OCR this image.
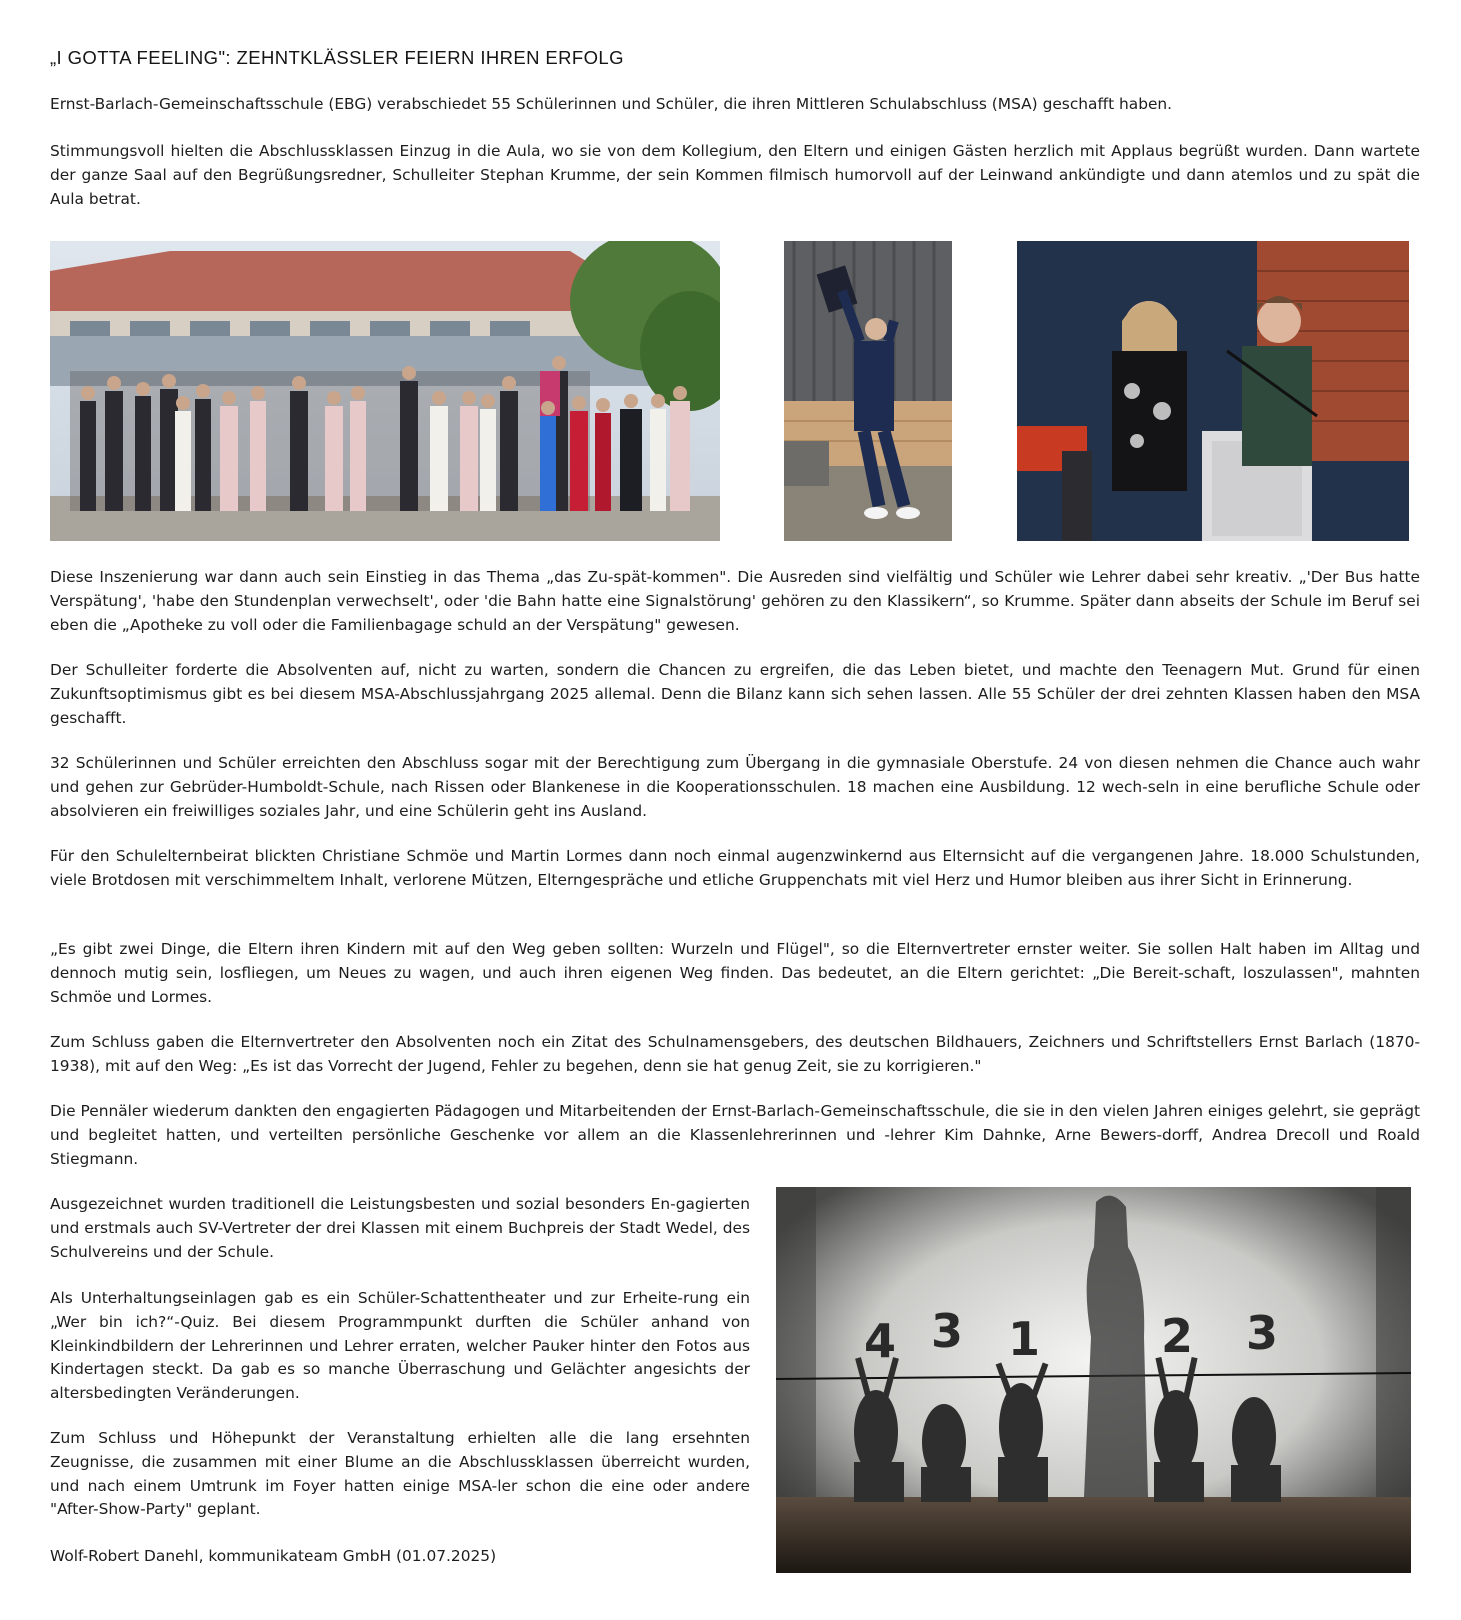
„I GOTTA FEELING": ZEHNTKLÄSSLER FEIERN IHREN ERFOLG

Ernst-Barlach-Gemeinschaftsschule (EBG) verabschiedet 55 Schülerinnen und Schüler, die ihren Mittleren Schulabschluss (MSA) geschafft haben.

Stimmungsvoll hielten die Abschlussklassen Einzug in die Aula, wo sie von dem Kollegium, den Eltern und einigen Gästen herzlich mit Applaus begrüßt wurden. Dann wartete der ganze Saal auf den Begrüßungsredner, Schulleiter Stephan Krumme, der sein Kommen filmisch humorvoll auf der Leinwand ankündigte und dann atemlos und zu spät die Aula betrat.

Diese Inszenierung war dann auch sein Einstieg in das Thema „das Zu-spät-kommen". Die Ausreden sind vielfältig und Schüler wie Lehrer dabei sehr kreativ. „'Der Bus hatte Verspätung', 'habe den Stundenplan verwechselt', oder 'die Bahn hatte eine Signalstörung' gehören zu den Klassikern“, so Krumme. Später dann abseits der Schule im Beruf sei eben die „Apotheke zu voll oder die Familienbagage schuld an der Verspätung" gewesen.

Der Schulleiter forderte die Absolventen auf, nicht zu warten, sondern die Chancen zu ergreifen, die das Leben bietet, und machte den Teenagern Mut. Grund für einen Zukunftsoptimismus gibt es bei diesem MSA-Abschlussjahrgang 2025 allemal. Denn die Bilanz kann sich sehen lassen. Alle 55 Schüler der drei zehnten Klassen haben den MSA geschafft.

32 Schülerinnen und Schüler erreichten den Abschluss sogar mit der Berechtigung zum Übergang in die gymnasiale Oberstufe. 24 von diesen nehmen die Chance auch wahr und gehen zur Gebrüder-Humboldt-Schule, nach Rissen oder Blankenese in die Kooperationsschulen. 18 machen eine Ausbildung. 12 wech-seln in eine berufliche Schule oder absolvieren ein freiwilliges soziales Jahr, und eine Schülerin geht ins Ausland.

Für den Schulelternbeirat blickten Christiane Schmöe und Martin Lormes dann noch einmal augenzwinkernd aus Elternsicht auf die vergangenen Jahre. 18.000 Schulstunden, viele Brotdosen mit verschimmeltem Inhalt, verlorene Mützen, Elterngespräche und etliche Gruppenchats mit viel Herz und Humor bleiben aus ihrer Sicht in Erinnerung.

„Es gibt zwei Dinge, die Eltern ihren Kindern mit auf den Weg geben sollten: Wurzeln und Flügel", so die Elternvertreter ernster weiter. Sie sollen Halt haben im Alltag und dennoch mutig sein, losfliegen, um Neues zu wagen, und auch ihren eigenen Weg finden. Das bedeutet, an die Eltern gerichtet: „Die Bereit-schaft, loszulassen", mahnten Schmöe und Lormes.

Zum Schluss gaben die Elternvertreter den Absolventen noch ein Zitat des Schulnamensgebers, des deutschen Bildhauers, Zeichners und Schriftstellers Ernst Barlach (1870-1938), mit auf den Weg: „Es ist das Vorrecht der Jugend, Fehler zu begehen, denn sie hat genug Zeit, sie zu korrigieren."

Die Pennäler wiederum dankten den engagierten Pädagogen und Mitarbeitenden der Ernst-Barlach-Gemeinschaftsschule, die sie in den vielen Jahren einiges gelehrt, sie geprägt und begleitet hatten, und verteilten persönliche Geschenke vor allem an die Klassenlehrerinnen und -lehrer Kim Dahnke, Arne Bewers-dorff, Andrea Drecoll und Roald Stiegmann.

Ausgezeichnet wurden traditionell die Leistungsbesten und sozial besonders En-gagierten und erstmals auch SV-Vertreter der drei Klassen mit einem Buchpreis der Stadt Wedel, des Schulvereins und der Schule.

Als Unterhaltungseinlagen gab es ein Schüler-Schattentheater und zur Erheite-rung ein „Wer bin ich?“-Quiz. Bei diesem Programmpunkt durften die Schüler anhand von Kleinkindbildern der Lehrerinnen und Lehrer erraten, welcher Pauker hinter den Fotos aus Kindertagen steckt. Da gab es so manche Überraschung und Gelächter angesichts der altersbedingten Veränderungen.

Zum Schluss und Höhepunkt der Veranstaltung erhielten alle die lang ersehnten Zeugnisse, die zusammen mit einer Blume an die Abschlussklassen überreicht wurden, und nach einem Umtrunk im Foyer hatten einige MSA-ler schon die eine oder andere "After-Show-Party" geplant.

Wolf-Robert Danehl, kommunikateam GmbH (01.07.2025)

4 3 1	2 3
